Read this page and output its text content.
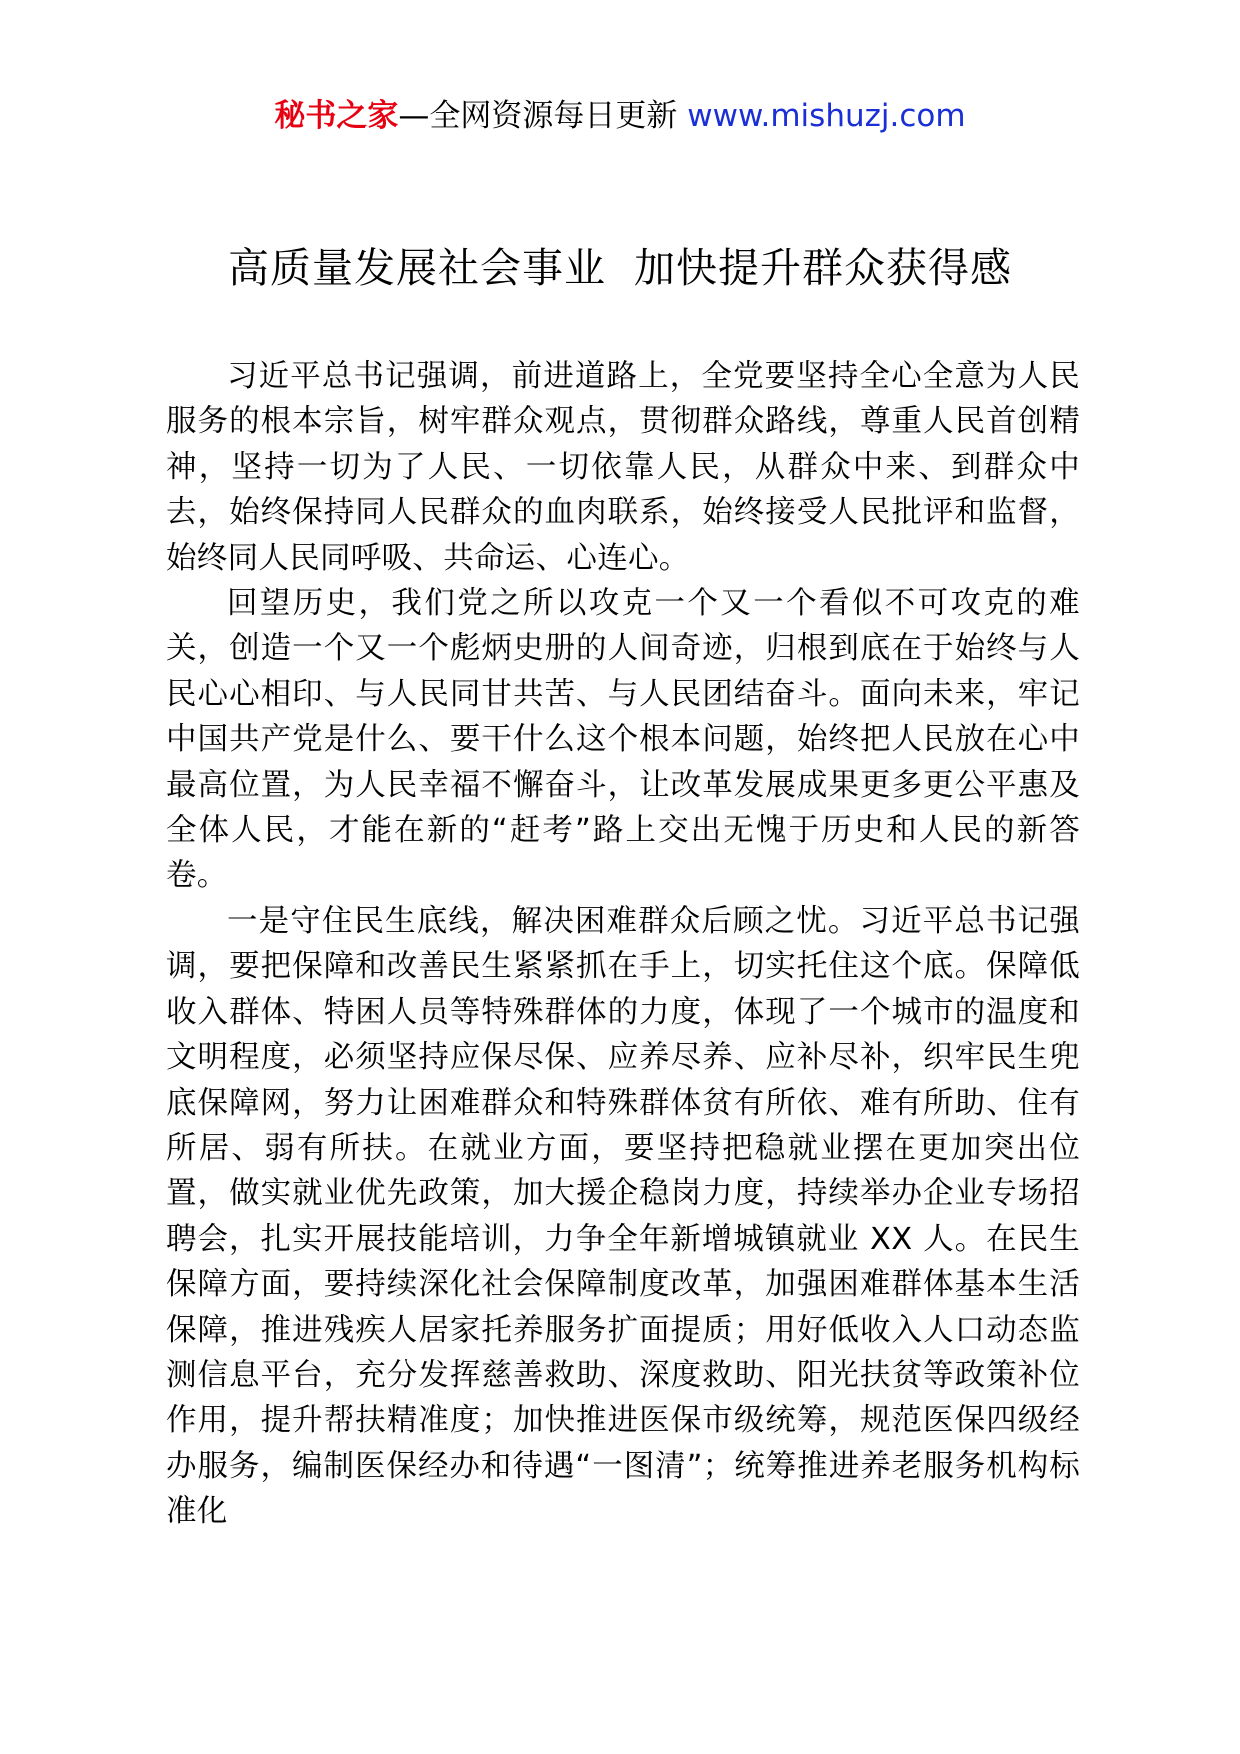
秘书之家—全网资源每日更新 www.mishuzj.com
高质量发展社会事业  加快提升群众获得感

习近平总书记强调，前进道路上，全党要坚持全心全意为人民服务的根本宗旨，树牢群众观点，贯彻群众路线，尊重人民首创精神，坚持一切为了人民、一切依靠人民，从群众中来、到群众中去，始终保持同人民群众的血肉联系，始终接受人民批评和监督，始终同人民同呼吸、共命运、心连心。

回望历史，我们党之所以攻克一个又一个看似不可攻克的难关，创造一个又一个彪炳史册的人间奇迹，归根到底在于始终与人民心心相印、与人民同甘共苦、与人民团结奋斗。面向未来，牢记中国共产党是什么、要干什么这个根本问题，始终把人民放在心中最高位置，为人民幸福不懈奋斗，让改革发展成果更多更公平惠及全体人民，才能在新的“赶考”路上交出无愧于历史和人民的新答卷。

一是守住民生底线，解决困难群众后顾之忧。习近平总书记强调，要把保障和改善民生紧紧抓在手上，切实托住这个底。保障低收入群体、特困人员等特殊群体的力度，体现了一个城市的温度和文明程度，必须坚持应保尽保、应养尽养、应补尽补，织牢民生兜底保障网，努力让困难群众和特殊群体贫有所依、难有所助、住有所居、弱有所扶。在就业方面，要坚持把稳就业摆在更加突出位置，做实就业优先政策，加大援企稳岗力度，持续举办企业专场招聘会，扎实开展技能培训，力争全年新增城镇就业 XX 人。在民生保障方面，要持续深化社会保障制度改革，加强困难群体基本生活保障，推进残疾人居家托养服务扩面提质；用好低收入人口动态监测信息平台，充分发挥慈善救助、深度救助、阳光扶贫等政策补位作用，提升帮扶精准度；加快推进医保市级统筹，规范医保四级经办服务，编制医保经办和待遇“一图清”；统筹推进养老服务机构标准化
